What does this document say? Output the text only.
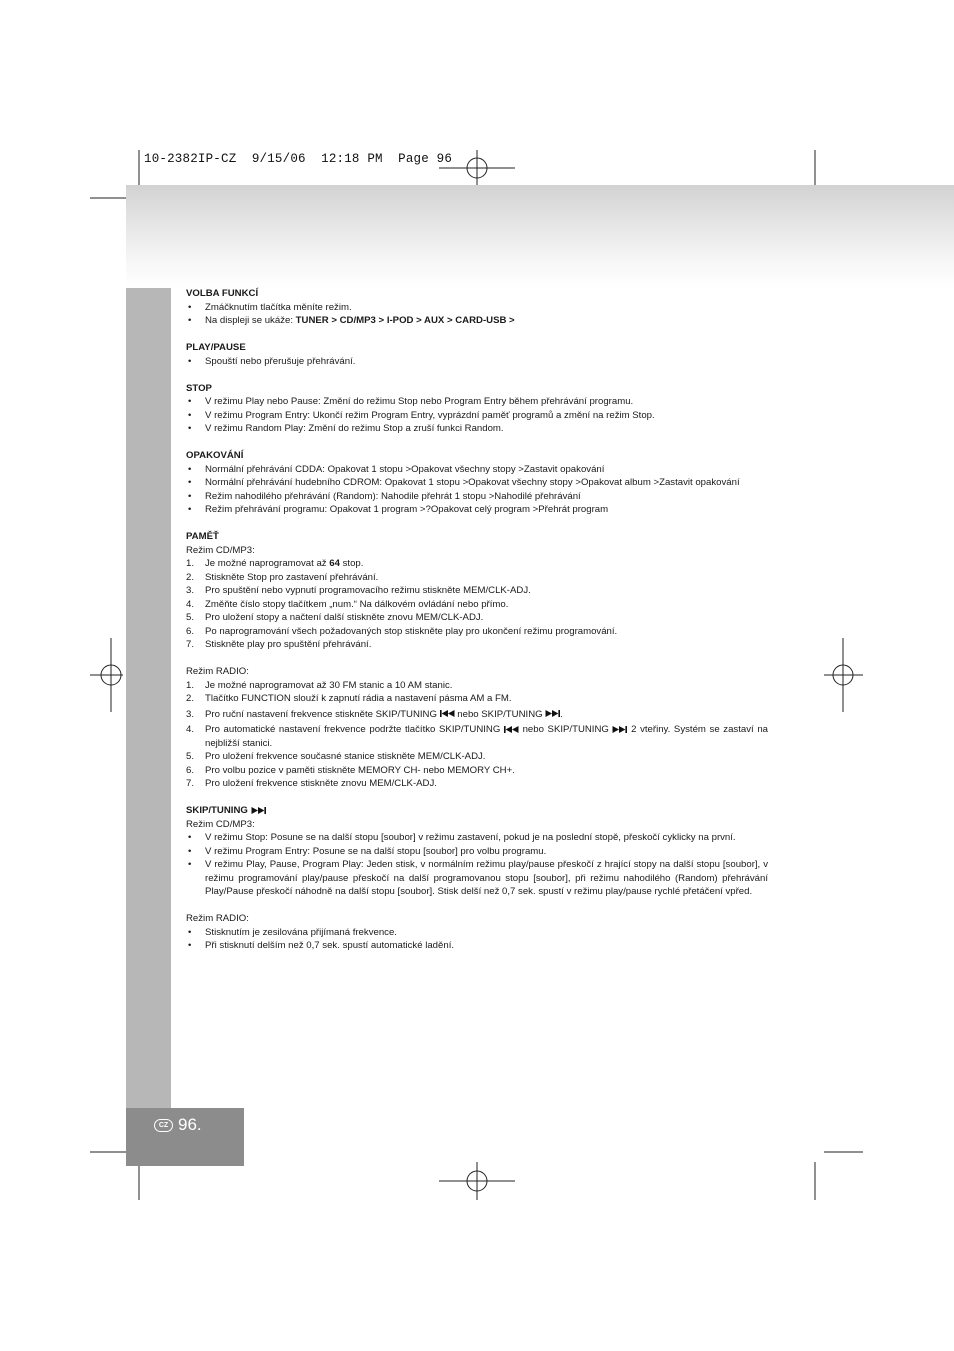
10-2382IP-CZ  9/15/06  12:18 PM  Page 96
CZ 96.
VOLBA FUNKCÍ
• Zmáčknutím tlačítka měníte režim.
• Na displeji se ukáže: TUNER > CD/MP3 > I-POD > AUX > CARD-USB >
PLAY/PAUSE
• Spouští nebo přerušuje přehrávání.
STOP
• V režimu Play nebo Pause: Změní do režimu Stop nebo Program Entry během přehrávání programu.
• V režimu Program Entry: Ukončí režim Program Entry, vyprázdní paměť programů a změní na režim Stop.
• V režimu Random Play: Změní do režimu Stop a zruší funkci Random.
OPAKOVÁNÍ
• Normální přehrávání CDDA: Opakovat 1 stopu >Opakovat všechny stopy >Zastavit opakování
• Normální přehrávání hudebního CDROM: Opakovat 1 stopu >Opakovat všechny stopy >Opakovat album >Zastavit opakování
• Režim nahodilého přehrávání (Random): Nahodile přehrát 1 stopu >Nahodilé přehrávání
• Režim přehrávání programu: Opakovat 1 program >?Opakovat celý program >Přehrát program
PAMĚŤ
Režim CD/MP3:
1. Je možné naprogramovat až 64 stop.
2. Stiskněte Stop pro zastavení přehrávání.
3. Pro spuštění nebo vypnutí programovacího režimu stiskněte MEM/CLK-ADJ.
4. Změňte číslo stopy tlačítkem „num.“ Na dálkovém ovládání nebo přímo.
5. Pro uložení stopy a načtení další stiskněte znovu MEM/CLK-ADJ.
6. Po naprogramování všech požadovaných stop stiskněte play pro ukončení režimu programování.
7. Stiskněte play pro spuštění přehrávání.
Režim RADIO:
1. Je možné naprogramovat až 30 FM stanic a 10 AM stanic.
2. Tlačítko FUNCTION slouží k zapnutí rádia a nastavení pásma AM a FM.
3. Pro ruční nastavení frekvence stiskněte SKIP/TUNING  nebo SKIP/TUNING .
4. Pro automatické nastavení frekvence podržte tlačítko SKIP/TUNING  nebo SKIP/TUNING  2 vteřiny. Systém se zastaví na nejbližší stanici.
5. Pro uložení frekvence současné stanice stiskněte MEM/CLK-ADJ.
6. Pro volbu pozice v paměti stiskněte MEMORY CH- nebo MEMORY CH+.
7. Pro uložení frekvence stiskněte znovu MEM/CLK-ADJ.
SKIP/TUNING
Režim CD/MP3:
• V režimu Stop: Posune se na další stopu [soubor] v režimu zastavení, pokud je na poslední stopě, přeskočí cyklicky na první.
• V režimu Program Entry: Posune se na další stopu [soubor] pro volbu programu.
• V režimu Play, Pause, Program Play: Jeden stisk, v normálním režimu play/pause přeskočí z hrající stopy na další stopu [soubor], v režimu programování play/pause přeskočí na další programovanou stopu [soubor], při režimu nahodilého (Random) přehrávání Play/Pause přeskočí náhodně na další stopu [soubor]. Stisk delší než 0,7 sek. spustí v režimu play/pause rychlé přetáčení vpřed.
Režim RADIO:
• Stisknutím je zesilována přijímaná frekvence.
• Při stisknutí delším než 0,7 sek. spustí automatické ladění.
